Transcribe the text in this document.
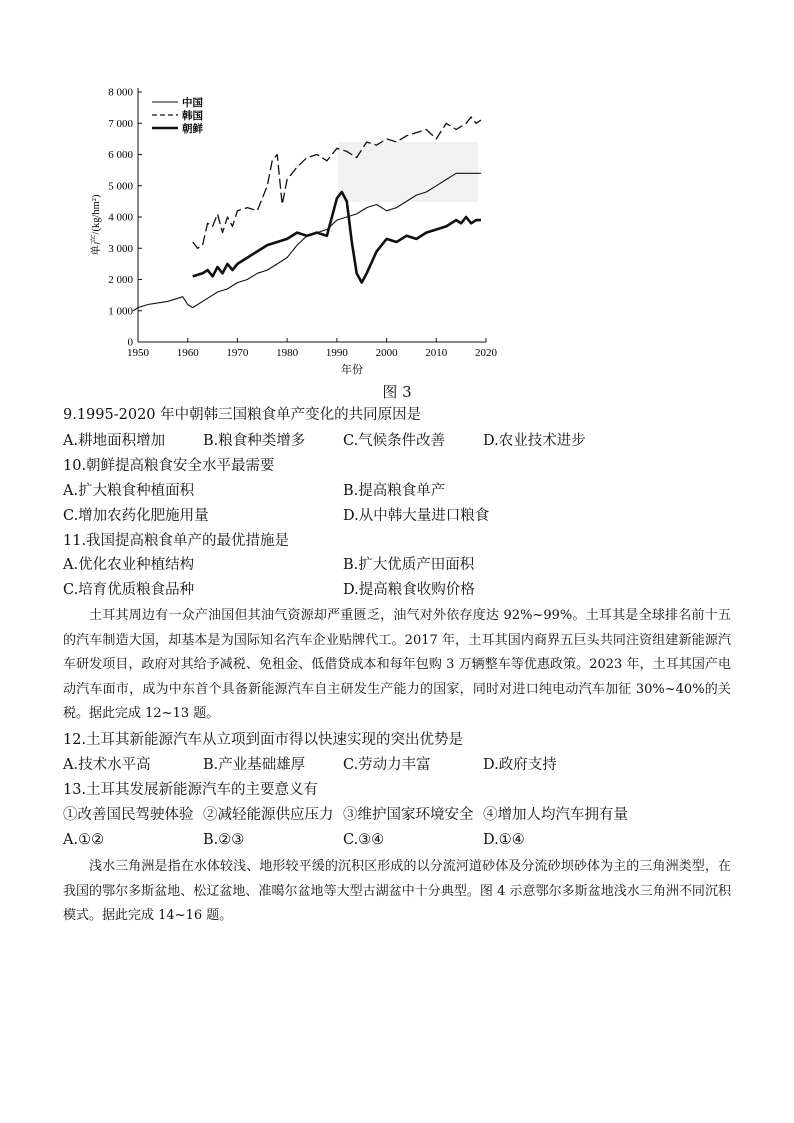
0
1 000
2 000
3 000
4 000
5 000
6 000
7 000
8 000
1950	1960	1970	1980	1990	2000	2010	2020
中国
韩国
朝鲜
单产/(kg/hm²)
年份
图 3
9.1995-2020 年中朝韩三国粮食单产变化的共同原因是
A.耕地面积增加	B.粮食种类增多	C.气候条件改善	D.农业技术进步
10.朝鲜提高粮食安全水平最需要
A.扩大粮食种植面积	B.提高粮食单产
C.增加农药化肥施用量	D.从中韩大量进口粮食
11.我国提高粮食单产的最优措施是
A.优化农业种植结构	B.扩大优质产田面积
C.培育优质粮食品种	D.提高粮食收购价格
土耳其周边有一众产油国但其油气资源却严重匮乏，油气对外依存度达 92%~99%。土耳其是全球排名前十五的汽车制造大国，却基本是为国际知名汽车企业贴牌代工。2017 年，土耳其国内商界五巨头共同注资组建新能源汽车研发项目，政府对其给予减税、免租金、低借贷成本和每年包购 3 万辆整车等优惠政策。2023 年，土耳其国产电动汽车面市，成为中东首个具备新能源汽车自主研发生产能力的国家，同时对进口纯电动汽车加征 30%~40%的关税。据此完成 12~13 题。
12.土耳其新能源汽车从立项到面市得以快速实现的突出优势是
A.技术水平高	B.产业基础雄厚	C.劳动力丰富	D.政府支持
13.土耳其发展新能源汽车的主要意义有
①改善国民驾驶体验 ②减轻能源供应压力 ③维护国家环境安全 ④增加人均汽车拥有量
A.①②	B.②③	C.③④	D.①④
浅水三角洲是指在水体较浅、地形较平缓的沉积区形成的以分流河道砂体及分流砂坝砂体为主的三角洲类型，在我国的鄂尔多斯盆地、松辽盆地、准噶尔盆地等大型古湖盆中十分典型。图 4 示意鄂尔多斯盆地浅水三角洲不同沉积模式。据此完成 14~16 题。
